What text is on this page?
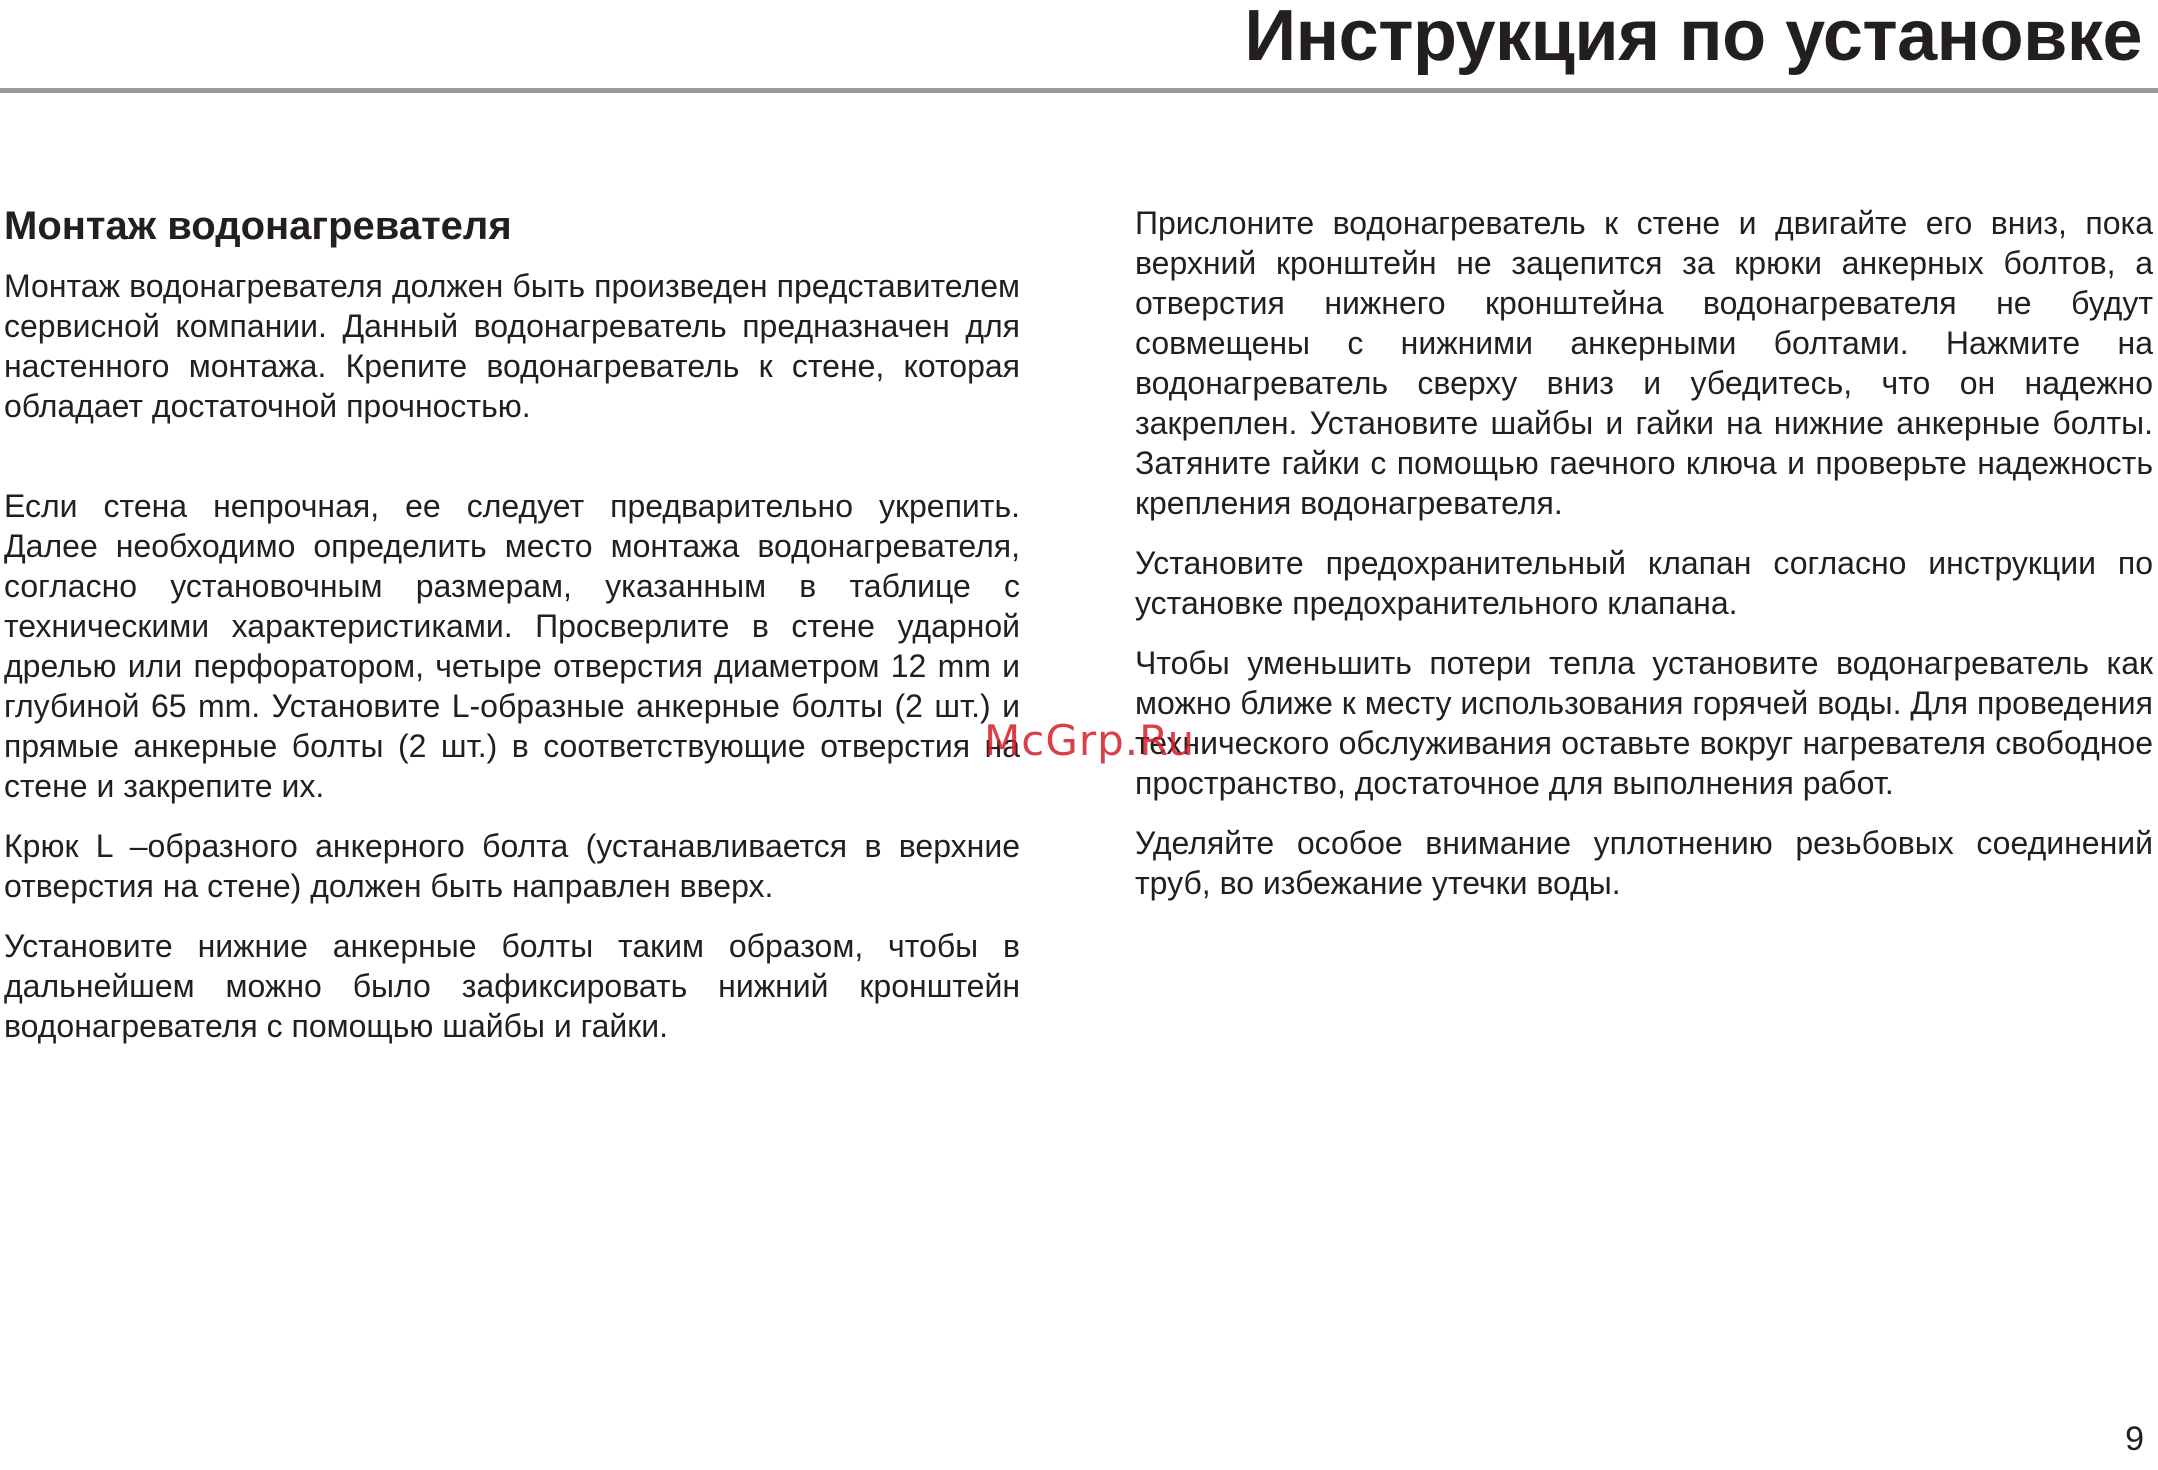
Инструкция по установке
Монтаж водонагревателя

Монтаж водонагревателя должен быть произведен представителем сервисной компании. Данный водонагреватель предназначен для настенного монтажа. Крепите водонагреватель к стене, которая обладает достаточной прочностью.

Если стена непрочная, ее следует предварительно укрепить. Далее необходимо определить место монтажа водонагревателя, согласно установочным размерам, указанным в таблице с техническими характеристиками. Просверлите в стене ударной дрелью или перфоратором, четыре отверстия диаметром 12 mm и глубиной 65 mm. Установите L-образные анкерные болты (2 шт.) и прямые анкерные болты (2 шт.) в соответствующие отверстия на стене и закрепите их.

Крюк L –образного анкерного болта (устанавливается в верхние отверстия на стене) должен быть направлен вверх.

Установите нижние анкерные болты таким образом, чтобы в дальнейшем можно было зафиксировать нижний кронштейн водонагревателя с помощью шайбы и гайки.

Прислоните водонагреватель к стене и двигайте его вниз, пока верхний кронштейн не зацепится за крюки анкерных болтов, а отверстия нижнего кронштейна водонагревателя не будут совмещены с нижними анкерными болтами. Нажмите на водонагреватель сверху вниз и убедитесь, что он надежно закреплен. Установите шайбы и гайки на нижние анкерные болты. Затяните гайки с помощью гаечного ключа и проверьте надежность крепления водонагревателя.

Установите предохранительный клапан согласно инструкции по установке предохранительного клапана.

Чтобы уменьшить потери тепла установите водонагреватель как можно ближе к месту использования горячей воды. Для проведения технического обслуживания оставьте вокруг нагревателя свободное пространство, достаточное для выполнения работ.

Уделяйте особое внимание уплотнению резьбовых соединений труб, во избежание утечки воды.

McGrp.Ru
9
